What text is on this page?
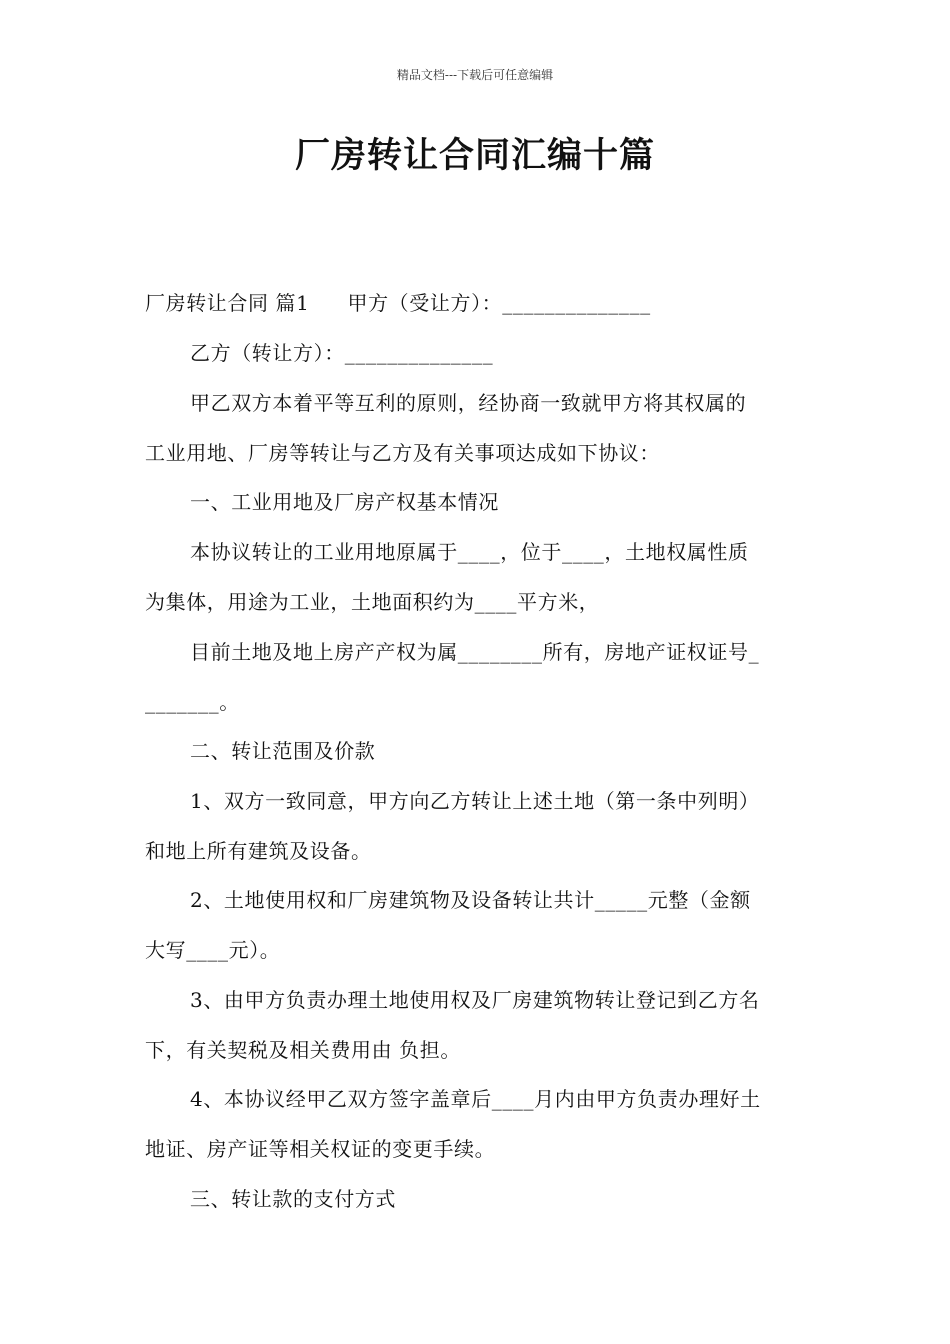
精品文档---下载后可任意编辑
厂房转让合同汇编十篇
厂房转让合同 篇1 甲方（受让方）：______________
乙方（转让方）：______________
甲乙双方本着平等互利的原则，经协商一致就甲方将其权属的
工业用地、厂房等转让与乙方及有关事项达成如下协议：
一、工业用地及厂房产权基本情况
本协议转让的工业用地原属于____，位于____，土地权属性质
为集体，用途为工业，土地面积约为____平方米，
目前土地及地上房产产权为属________所有，房地产证权证号_
_______。
二、转让范围及价款
1、双方一致同意，甲方向乙方转让上述土地（第一条中列明）
和地上所有建筑及设备。
2、土地使用权和厂房建筑物及设备转让共计_____元整（金额
大写____元）。
3、由甲方负责办理土地使用权及厂房建筑物转让登记到乙方名
下，有关契税及相关费用由 负担。
4、本协议经甲乙双方签字盖章后____月内由甲方负责办理好土
地证、房产证等相关权证的变更手续。
三、转让款的支付方式
